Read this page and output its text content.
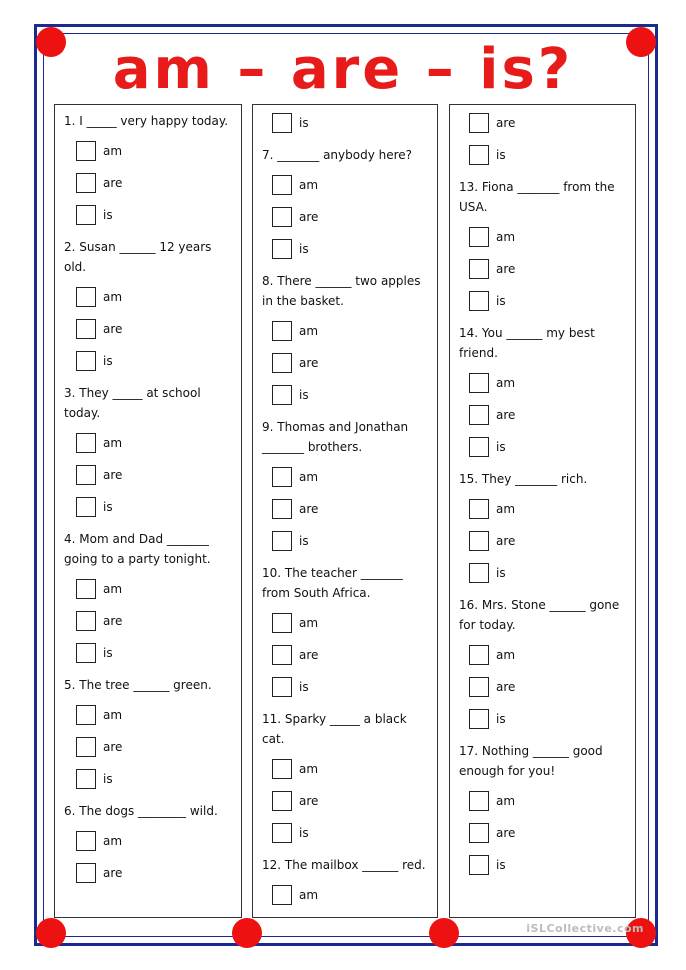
am – are – is?
1. I _____ very happy today.
am
are
is
2. Susan ______ 12 years old.
am
are
is
3. They _____ at school today.
am
are
is
4. Mom and Dad _______ going to a party tonight.
am
are
is
5. The tree ______ green.
am
are
is
6. The dogs ________ wild.
am
are
is
7. _______ anybody here?
am
are
is
8. There ______ two apples in the basket.
am
are
is
9. Thomas and Jonathan _______ brothers.
am
are
is
10. The teacher _______ from South Africa.
am
are
is
11. Sparky _____ a black cat.
am
are
is
12. The mailbox ______ red.
am
are
is
13. Fiona _______ from the USA.
am
are
is
14. You ______ my best friend.
am
are
is
15. They _______ rich.
am
are
is
16. Mrs. Stone ______ gone for today.
am
are
is
17. Nothing ______ good enough for you!
am
are
is
iSLCollective.com
